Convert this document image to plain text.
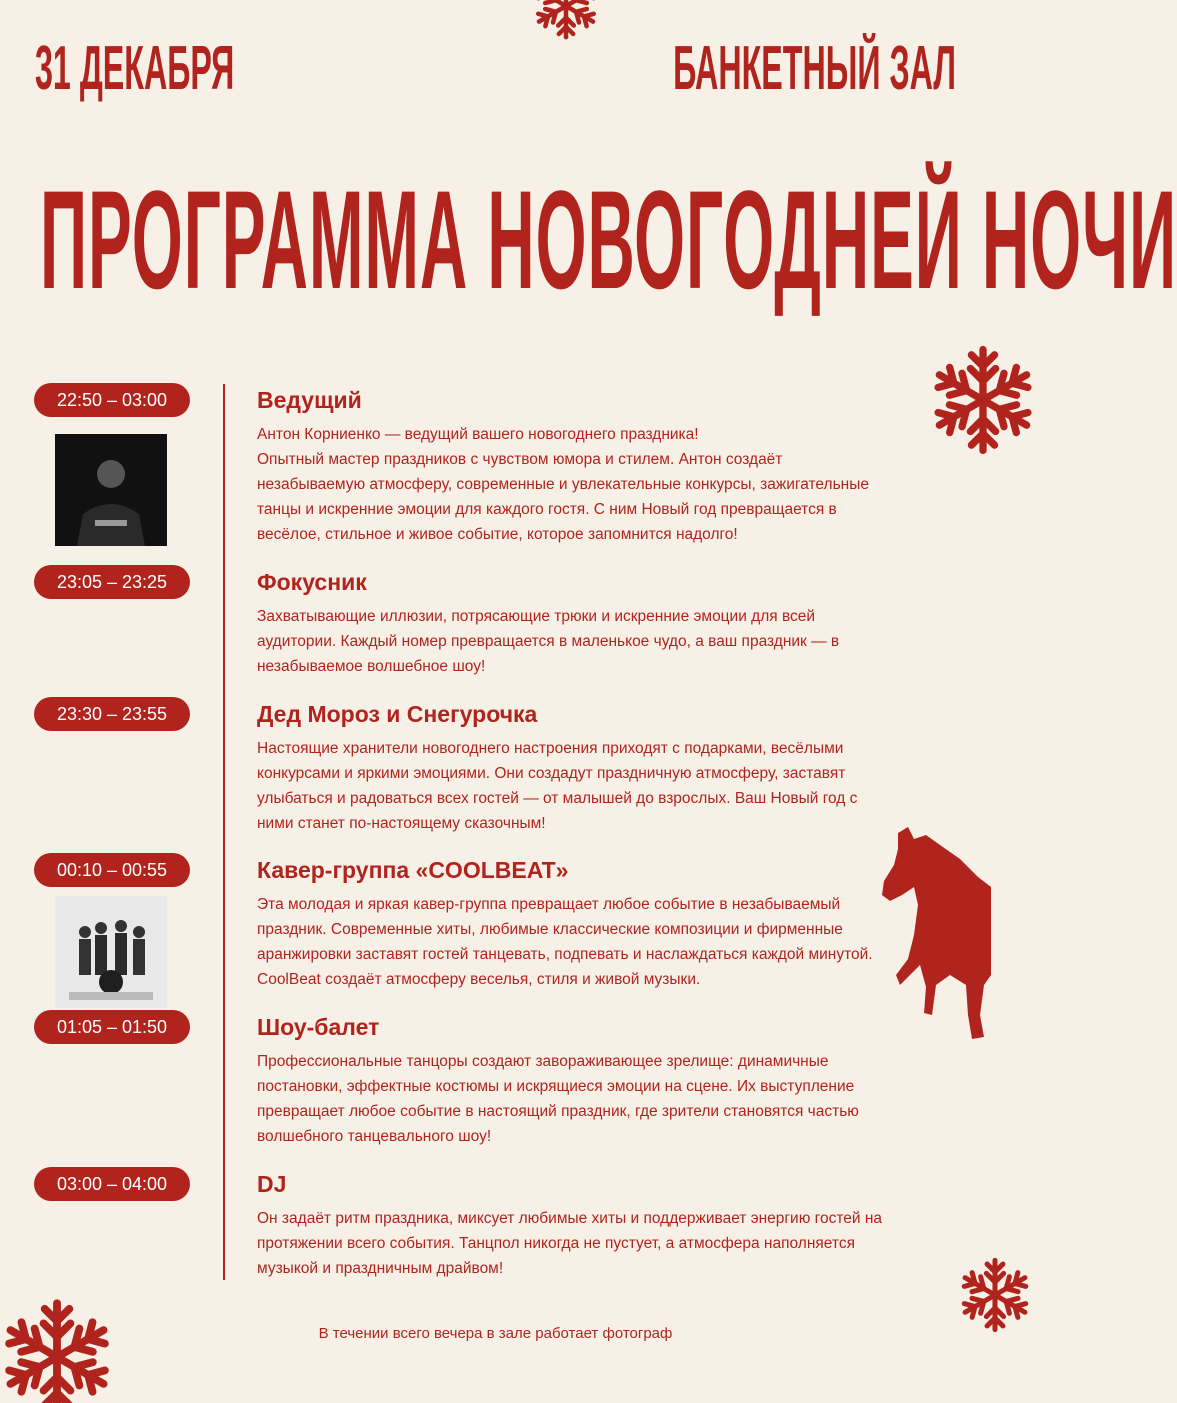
31 ДЕКАБРЯ	БАНКЕТНЫЙ ЗАЛ
ПРОГРАММА НОВОГОДНЕЙ НОЧИ
22:50 – 03:00	Ведущий

Антон Корниенко — ведущий вашего новогоднего праздника!
Опытный мастер праздников с чувством юмора и стилем. Антон создаёт незабываемую атмосферу, современные и увлекательные конкурсы, зажигательные танцы и искренние эмоции для каждого гостя. С ним Новый год превращается в весёлое, стильное и живое событие, которое запомнится надолго!

23:05 – 23:25	Фокусник

Захватывающие иллюзии, потрясающие трюки и искренние эмоции для всей аудитории. Каждый номер превращается в маленькое чудо, а ваш праздник — в незабываемое волшебное шоу!

23:30 – 23:55	Дед Мороз и Снегурочка

Настоящие хранители новогоднего настроения приходят с подарками, весёлыми конкурсами и яркими эмоциями. Они создадут праздничную атмосферу, заставят улыбаться и радоваться всех гостей — от малышей до взрослых. Ваш Новый год с ними станет по-настоящему сказочным!

00:10 – 00:55	Кавер-группа «COOLBEAT»

Эта молодая и яркая кавер-группа превращает любое событие в незабываемый праздник. Современные хиты, любимые классические композиции и фирменные аранжировки заставят гостей танцевать, подпевать и наслаждаться каждой минутой. CoolBeat создаёт атмосферу веселья, стиля и живой музыки.

01:05 – 01:50	Шоу-балет

Профессиональные танцоры создают завораживающее зрелище: динамичные постановки, эффектные костюмы и искрящиеся эмоции на сцене. Их выступление превращает любое событие в настоящий праздник, где зрители становятся частью волшебного танцевального шоу!

03:00 – 04:00	DJ

Он задаёт ритм праздника, миксует любимые хиты и поддерживает энергию гостей на протяжении всего события. Танцпол никогда не пустует, а атмосфера наполняется музыкой и праздничным драйвом!

В течении всего вечера в зале работает фотограф
